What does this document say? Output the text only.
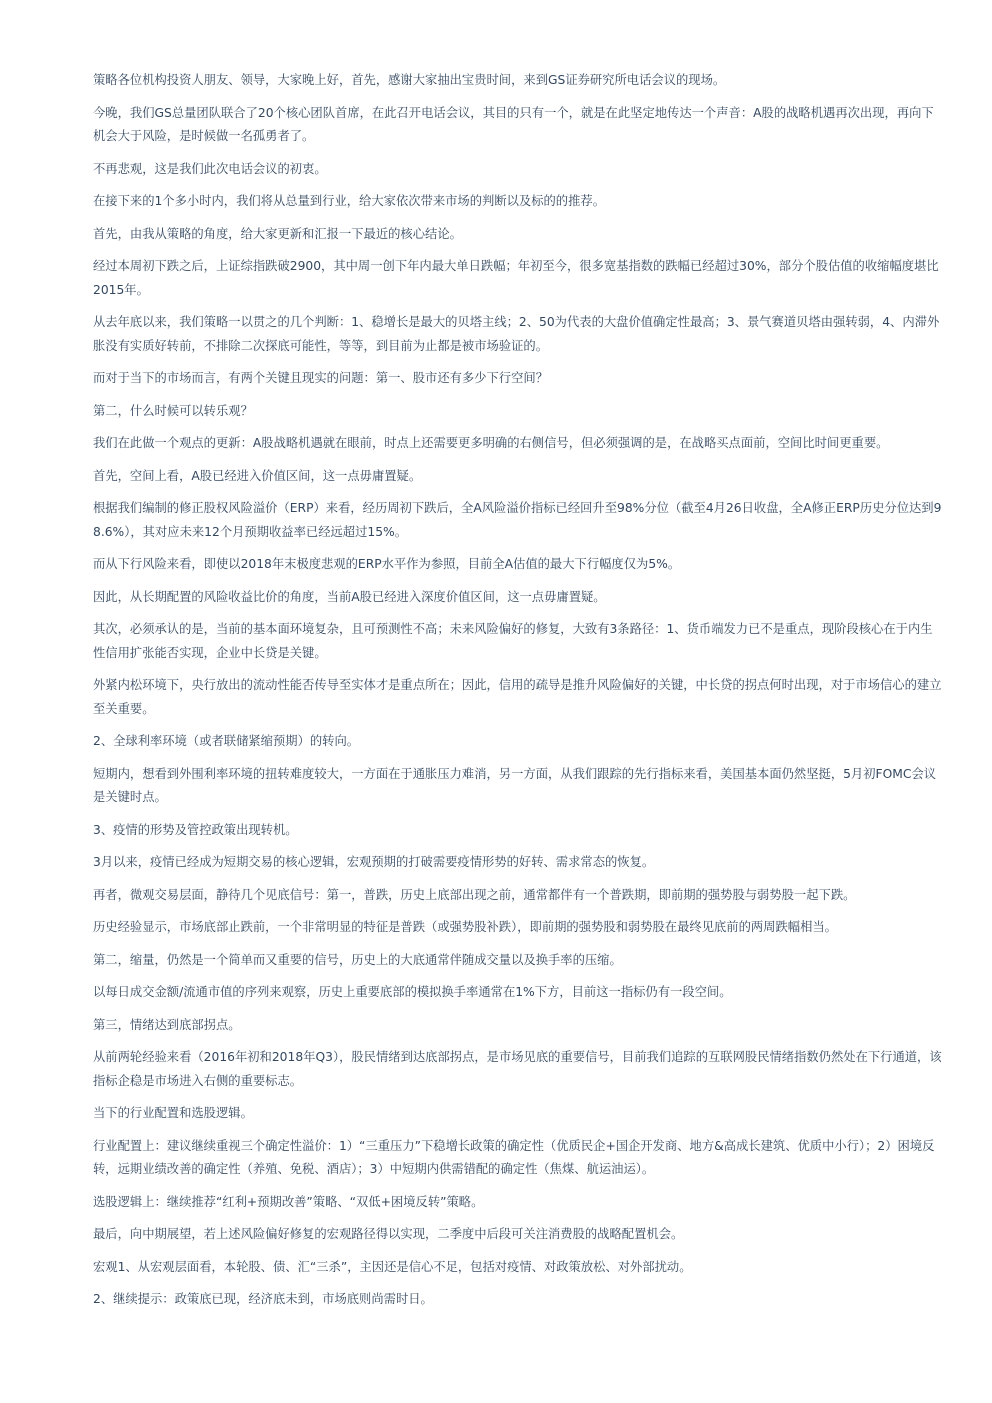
策略各位机构投资人朋友、领导，大家晚上好，首先，感谢大家抽出宝贵时间，来到GS证券研究所电话会议的现场。

今晚，我们GS总量团队联合了20个核心团队首席，在此召开电话会议，其目的只有一个，就是在此坚定地传达一个声音：A股的战略机遇再次出现，再向下机会大于风险，是时候做一名孤勇者了。

不再悲观，这是我们此次电话会议的初衷。

在接下来的1个多小时内，我们将从总量到行业，给大家依次带来市场的判断以及标的的推荐。

首先，由我从策略的角度，给大家更新和汇报一下最近的核心结论。

经过本周初下跌之后，上证综指跌破2900，其中周一创下年内最大单日跌幅；年初至今，很多宽基指数的跌幅已经超过30%，部分个股估值的收缩幅度堪比2015年。

从去年底以来，我们策略一以贯之的几个判断：1、稳增长是最大的贝塔主线；2、50为代表的大盘价值确定性最高；3、景气赛道贝塔由强转弱，4、内滞外胀没有实质好转前，不排除二次探底可能性，等等，到目前为止都是被市场验证的。

而对于当下的市场而言，有两个关键且现实的问题：第一、股市还有多少下行空间？

第二，什么时候可以转乐观？

我们在此做一个观点的更新：A股战略机遇就在眼前，时点上还需要更多明确的右侧信号，但必须强调的是，在战略买点面前，空间比时间更重要。

首先，空间上看，A股已经进入价值区间，这一点毋庸置疑。

根据我们编制的修正股权风险溢价（ERP）来看，经历周初下跌后，全A风险溢价指标已经回升至98%分位（截至4月26日收盘，全A修正ERP历史分位达到98.6%），其对应未来12个月预期收益率已经远超过15%。

而从下行风险来看，即使以2018年末极度悲观的ERP水平作为参照，目前全A估值的最大下行幅度仅为5%。

因此，从长期配置的风险收益比价的角度，当前A股已经进入深度价值区间，这一点毋庸置疑。

其次，必须承认的是，当前的基本面环境复杂，且可预测性不高；未来风险偏好的修复，大致有3条路径：1、货币端发力已不是重点，现阶段核心在于内生性信用扩张能否实现，企业中长贷是关键。

外紧内松环境下，央行放出的流动性能否传导至实体才是重点所在；因此，信用的疏导是推升风险偏好的关键，中长贷的拐点何时出现，对于市场信心的建立至关重要。

2、全球利率环境（或者联储紧缩预期）的转向。

短期内，想看到外围利率环境的扭转难度较大，一方面在于通胀压力难消，另一方面，从我们跟踪的先行指标来看，美国基本面仍然坚挺，5月初FOMC会议是关键时点。

3、疫情的形势及管控政策出现转机。

3月以来，疫情已经成为短期交易的核心逻辑，宏观预期的打破需要疫情形势的好转、需求常态的恢复。

再者，微观交易层面，静待几个见底信号：第一，普跌，历史上底部出现之前，通常都伴有一个普跌期，即前期的强势股与弱势股一起下跌。

历史经验显示，市场底部止跌前，一个非常明显的特征是普跌（或强势股补跌），即前期的强势股和弱势股在最终见底前的两周跌幅相当。

第二，缩量，仍然是一个简单而又重要的信号，历史上的大底通常伴随成交量以及换手率的压缩。

以每日成交金额/流通市值的序列来观察，历史上重要底部的模拟换手率通常在1%下方，目前这一指标仍有一段空间。

第三，情绪达到底部拐点。

从前两轮经验来看（2016年初和2018年Q3），股民情绪到达底部拐点，是市场见底的重要信号，目前我们追踪的互联网股民情绪指数仍然处在下行通道，该指标企稳是市场进入右侧的重要标志。

当下的行业配置和选股逻辑。

行业配置上：建议继续重视三个确定性溢价：1）“三重压力”下稳增长政策的确定性（优质民企+国企开发商、地方&高成长建筑、优质中小行）；2）困境反转，远期业绩改善的确定性（养殖、免税、酒店）；3）中短期内供需错配的确定性（焦煤、航运油运）。

选股逻辑上：继续推荐“红利+预期改善”策略、“双低+困境反转”策略。

最后，向中期展望，若上述风险偏好修复的宏观路径得以实现，二季度中后段可关注消费股的战略配置机会。

宏观1、从宏观层面看，本轮股、债、汇“三杀”，主因还是信心不足，包括对疫情、对政策放松、对外部扰动。

2、继续提示：政策底已现，经济底未到，市场底则尚需时日。
